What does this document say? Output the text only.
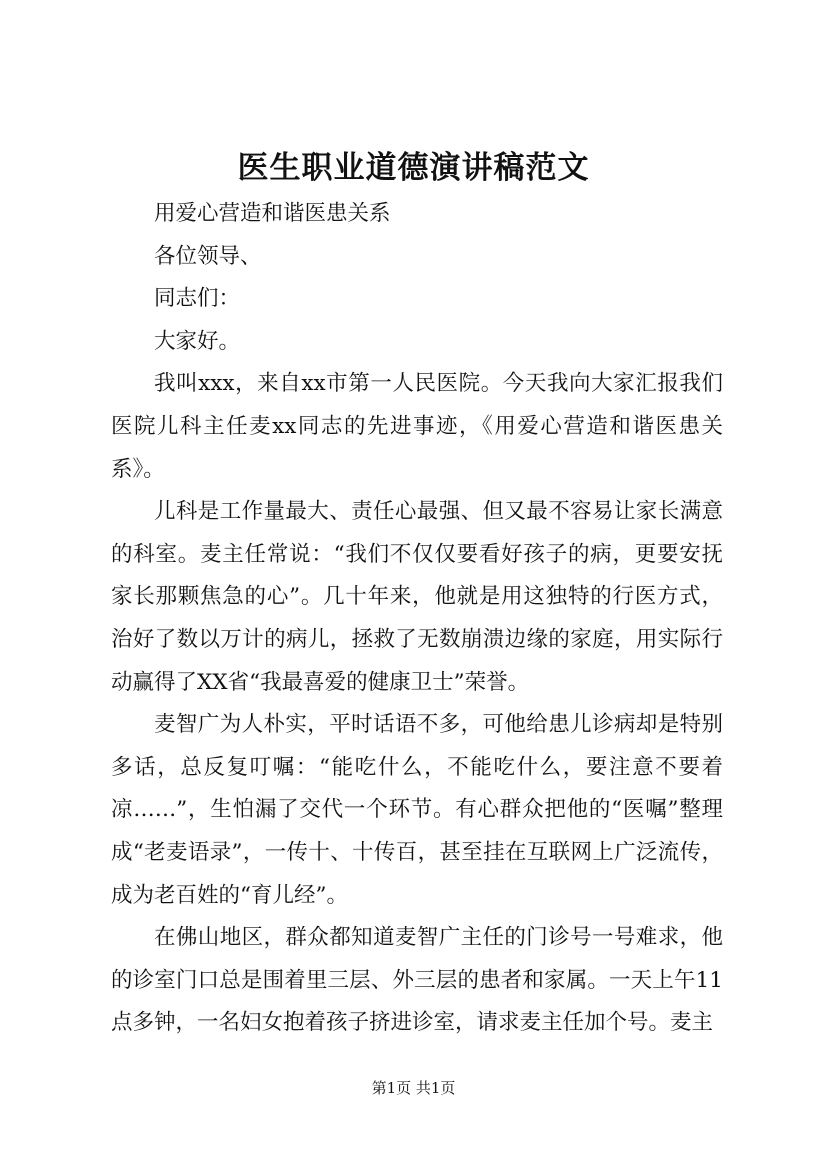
医生职业道德演讲稿范文

用爱心营造和谐医患关系

各位领导、

同志们：

大家好。

我叫xxx，来自xx市第一人民医院。今天我向大家汇报我们医院儿科主任麦xx同志的先进事迹，《用爱心营造和谐医患关系》。

儿科是工作量最大、责任心最强、但又最不容易让家长满意的科室。麦主任常说：“我们不仅仅要看好孩子的病，更要安抚家长那颗焦急的心”。几十年来，他就是用这独特的行医方式，治好了数以万计的病儿，拯救了无数崩溃边缘的家庭，用实际行动赢得了XX省“我最喜爱的健康卫士”荣誉。

麦智广为人朴实，平时话语不多，可他给患儿诊病却是特别多话，总反复叮嘱：“能吃什么，不能吃什么，要注意不要着凉……”，生怕漏了交代一个环节。有心群众把他的“医嘱”整理成“老麦语录”，一传十、十传百，甚至挂在互联网上广泛流传，成为老百姓的“育儿经”。

在佛山地区，群众都知道麦智广主任的门诊号一号难求，他的诊室门口总是围着里三层、外三层的患者和家属。一天上午11点多钟，一名妇女抱着孩子挤进诊室，请求麦主任加个号。麦主

第1页 共1页
